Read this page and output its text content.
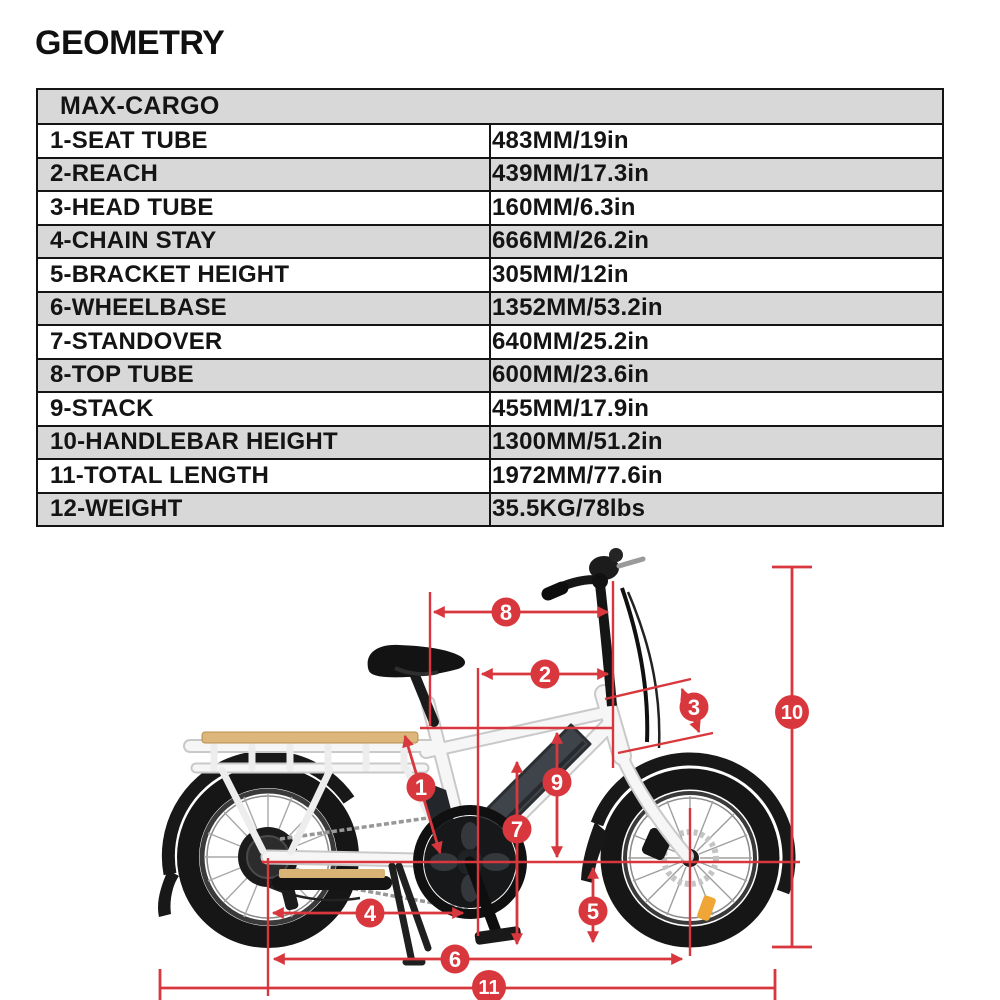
GEOMETRY
MAX-CARGO	
1-SEAT TUBE	483MM/19in
2-REACH	439MM/17.3in
3-HEAD TUBE	160MM/6.3in
4-CHAIN STAY	666MM/26.2in
5-BRACKET HEIGHT	305MM/12in
6-WHEELBASE	1352MM/53.2in
7-STANDOVER	640MM/25.2in
8-TOP TUBE	600MM/23.6in
9-STACK	455MM/17.9in
10-HANDLEBAR HEIGHT	1300MM/51.2in
11-TOTAL LENGTH	1972MM/77.6in
12-WEIGHT	35.5KG/78lbs
1
2
3
4	5
6
7
8
9
10
11
